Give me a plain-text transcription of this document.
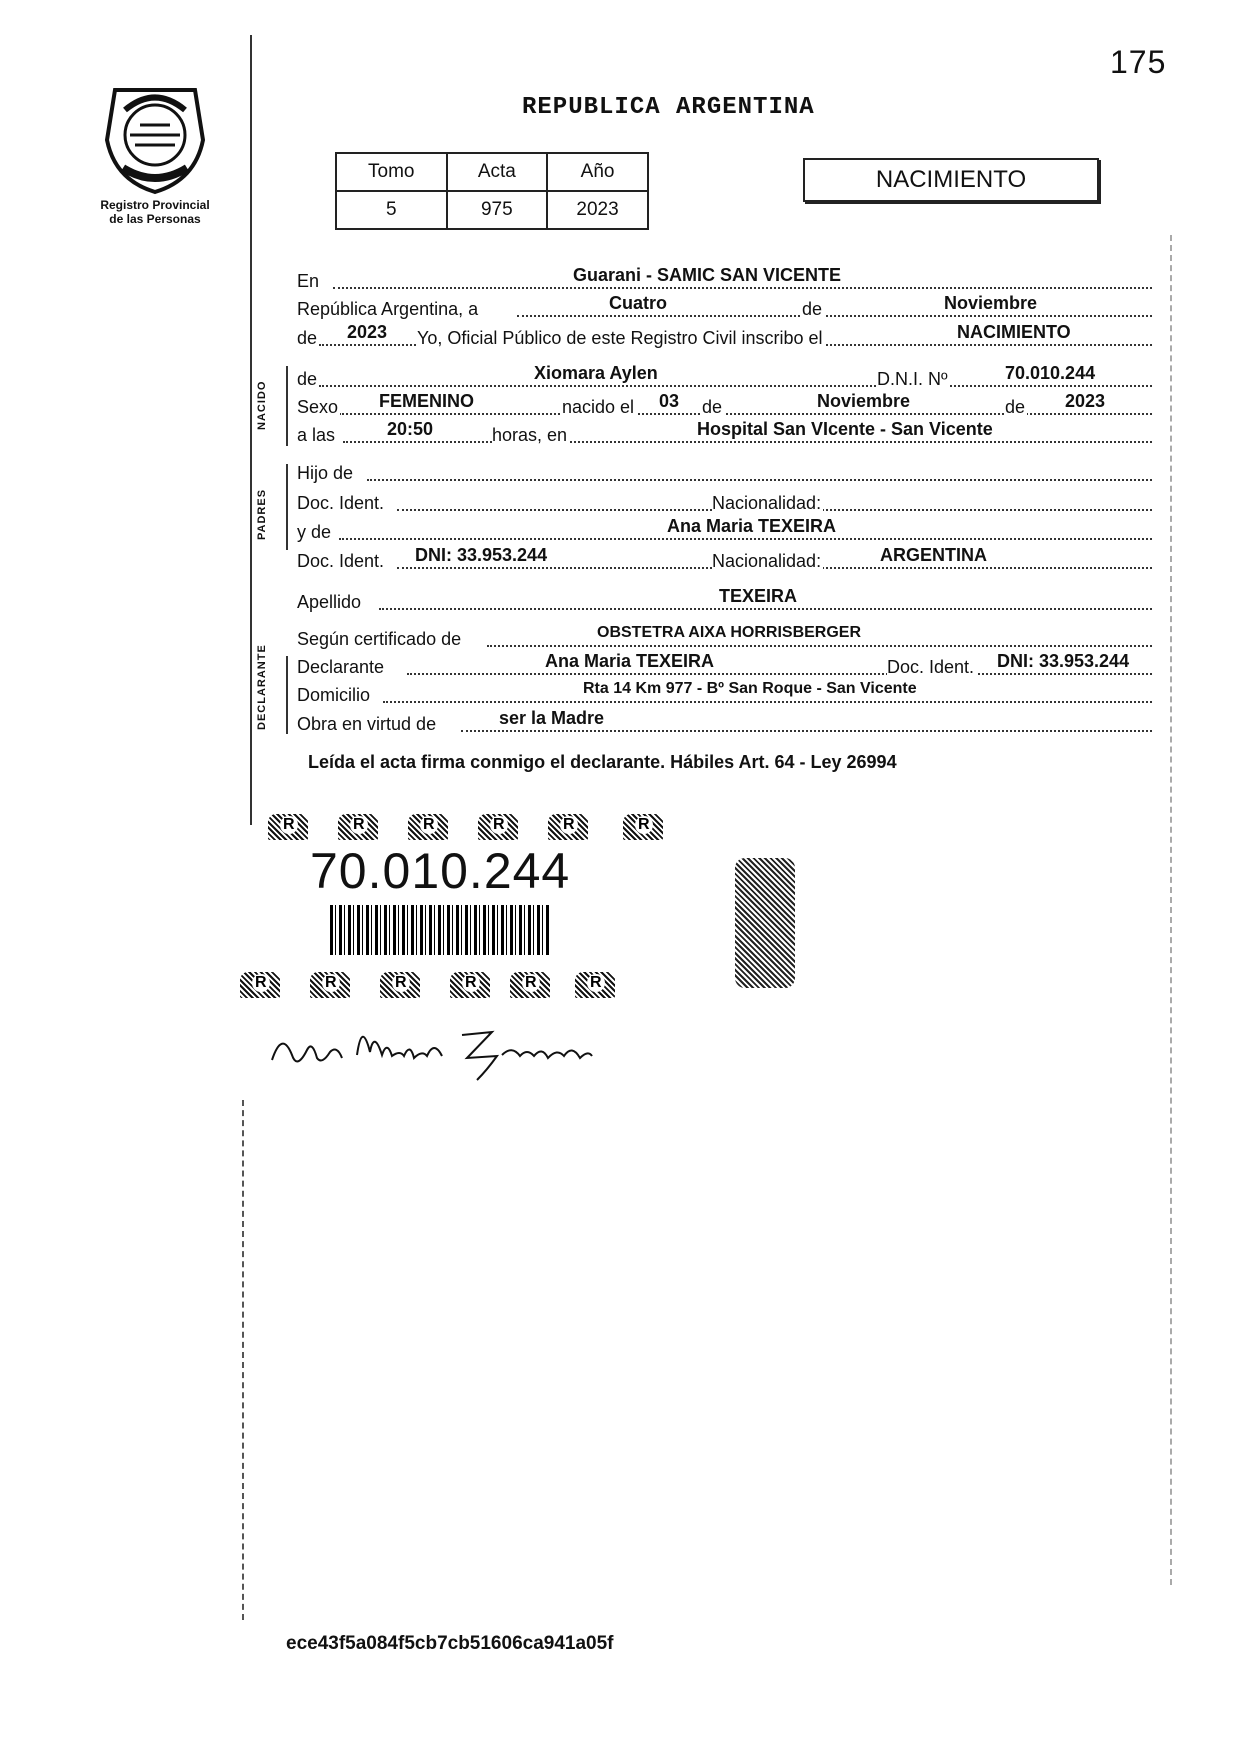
175
Registro Provincial
de las Personas
REPUBLICA ARGENTINA
Tomo	Acta	Año
5	975	2023
NACIMIENTO
NACIDO
PADRES
DECLARANTE
En	Guarani - SAMIC SAN VICENTE
República Argentina, a	Cuatro	de	Noviembre
de 2023 Yo, Oficial Público de este Registro Civil inscribo el	NACIMIENTO
de	Xiomara Aylen	D.N.I. Nº	70.010.244
Sexo FEMENINO	nacido el 03 de	Noviembre	de 2023
a las	20:50	horas, en	Hospital San VIcente - San Vicente
Hijo de
Doc. Ident.	Nacionalidad:
y de	Ana Maria TEXEIRA
Doc. Ident. DNI: 33.953.244	Nacionalidad:	ARGENTINA
Apellido	TEXEIRA
Según certificado de	OBSTETRA AIXA HORRISBERGER
Declarante	Ana Maria TEXEIRA	Doc. Ident. DNI: 33.953.244
Domicilio	Rta 14 Km 977 - Bº San Roque - San Vicente
Obra en virtud de	ser la Madre
Leída el acta firma conmigo el declarante. Hábiles Art. 64 - Ley 26994
R	R	R	R	R	R
70.010.244
R	R	R	R	R	R
ece43f5a084f5cb7cb51606ca941a05f
